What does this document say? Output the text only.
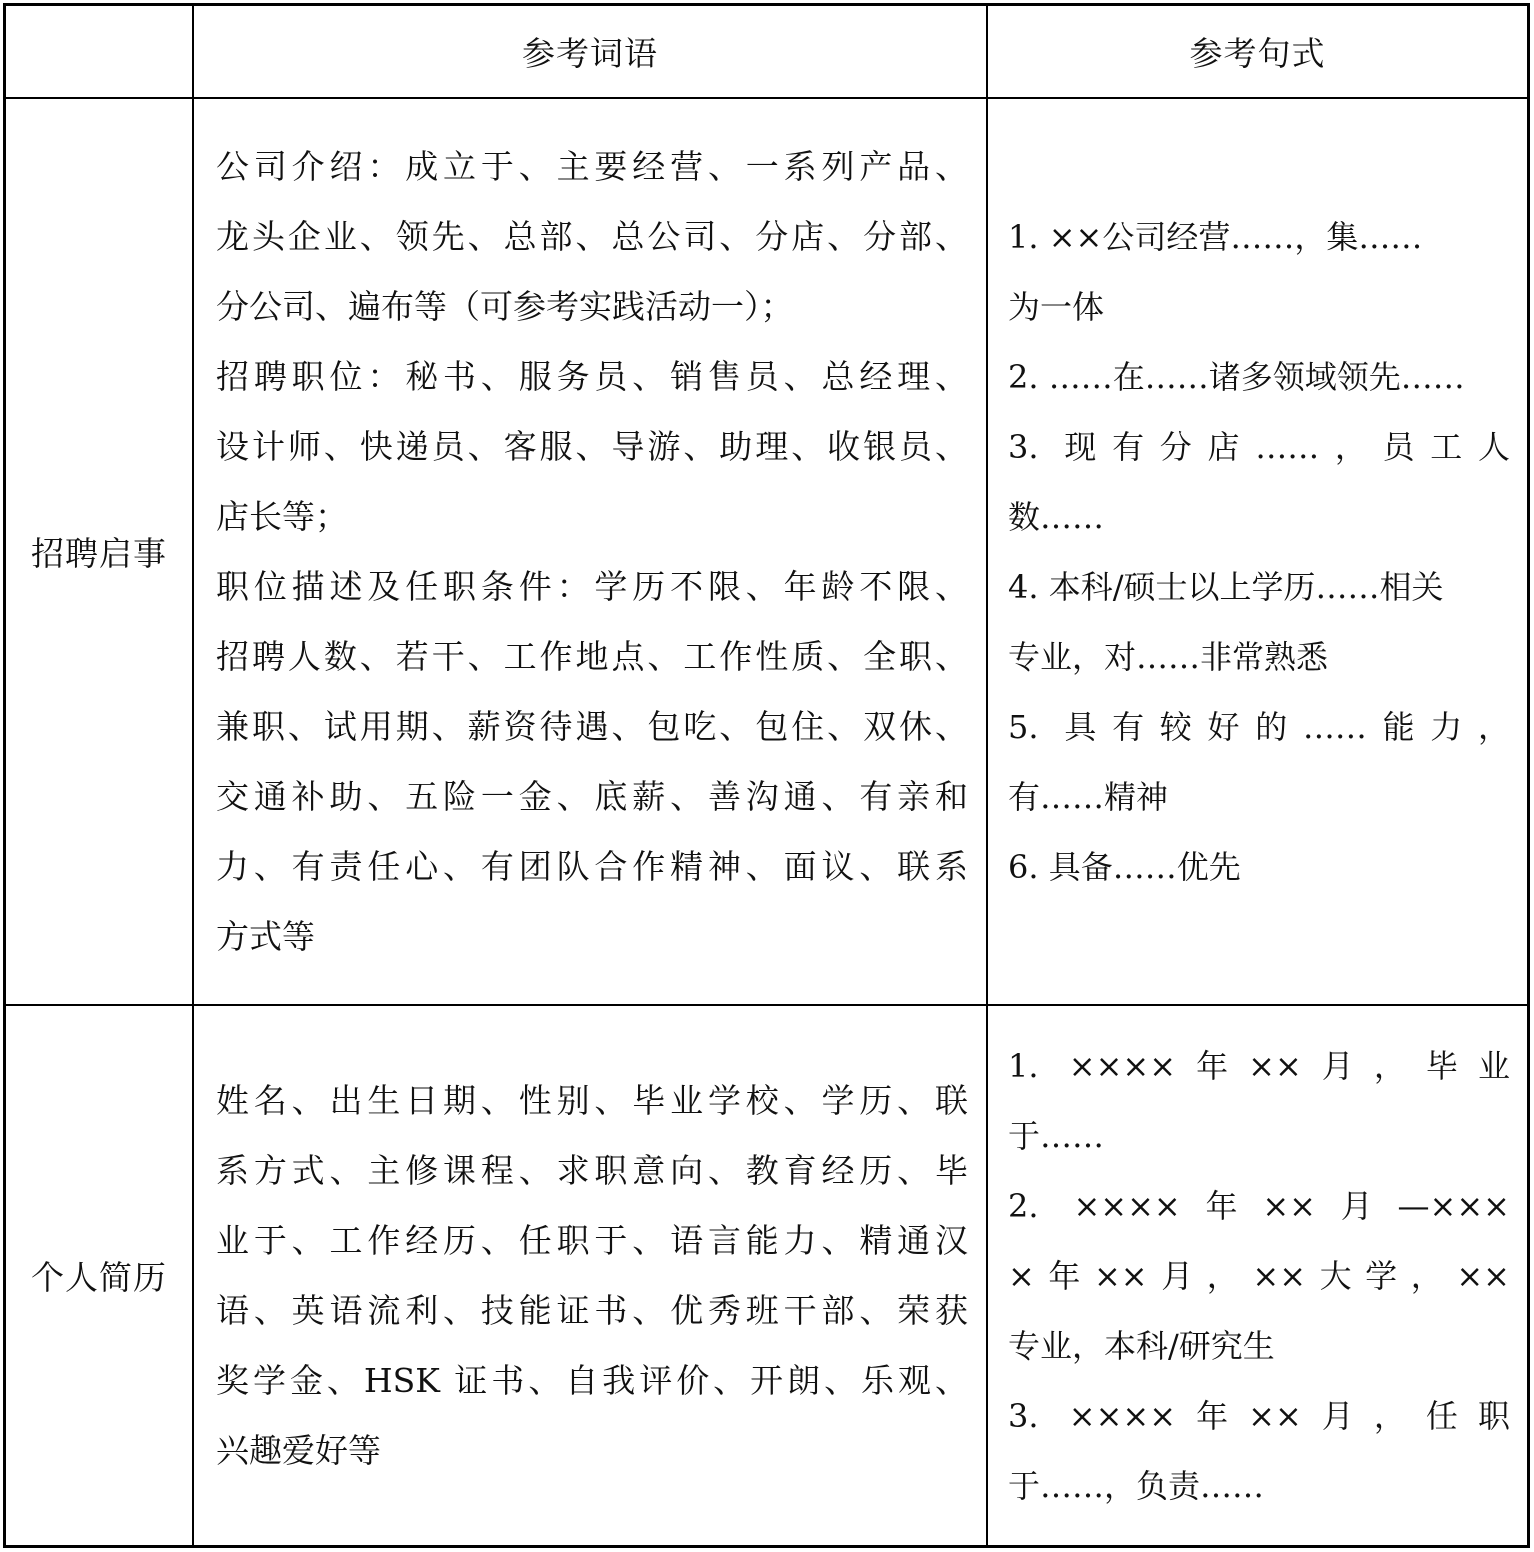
参考词语	参考句式
招聘启事
公司介绍：成立于、主要经营、一系列产品、
龙头企业、领先、总部、总公司、分店、分部、
分公司、遍布等（可参考实践活动一）；
招聘职位：秘书、服务员、销售员、总经理、
设计师、快递员、客服、导游、助理、收银员、
店长等；
职位描述及任职条件：学历不限、年龄不限、
招聘人数、若干、工作地点、工作性质、全职、
兼职、试用期、薪资待遇、包吃、包住、双休、
交通补助、五险一金、底薪、善沟通、有亲和
力、有责任心、有团队合作精神、面议、联系
方式等
1. ××公司经营……，集……
为一体
2. ……在……诸多领域领先……
3. 现有分店……，员工人
数……
4. 本科/硕士以上学历……相关
专业，对……非常熟悉
5. 具有较好的……能力，
有……精神
6. 具备……优先
个人简历
姓名、出生日期、性别、毕业学校、学历、联
系方式、主修课程、求职意向、教育经历、毕
业于、工作经历、任职于、语言能力、精通汉
语、英语流利、技能证书、优秀班干部、荣获
奖学金、HSK 证书、自我评价、开朗、乐观、
兴趣爱好等
1. ××××年××月，毕业
于……
2. ××××年××月—×××
×年××月，××大学，××
专业，本科/研究生
3. ××××年××月，任职
于……，负责……
